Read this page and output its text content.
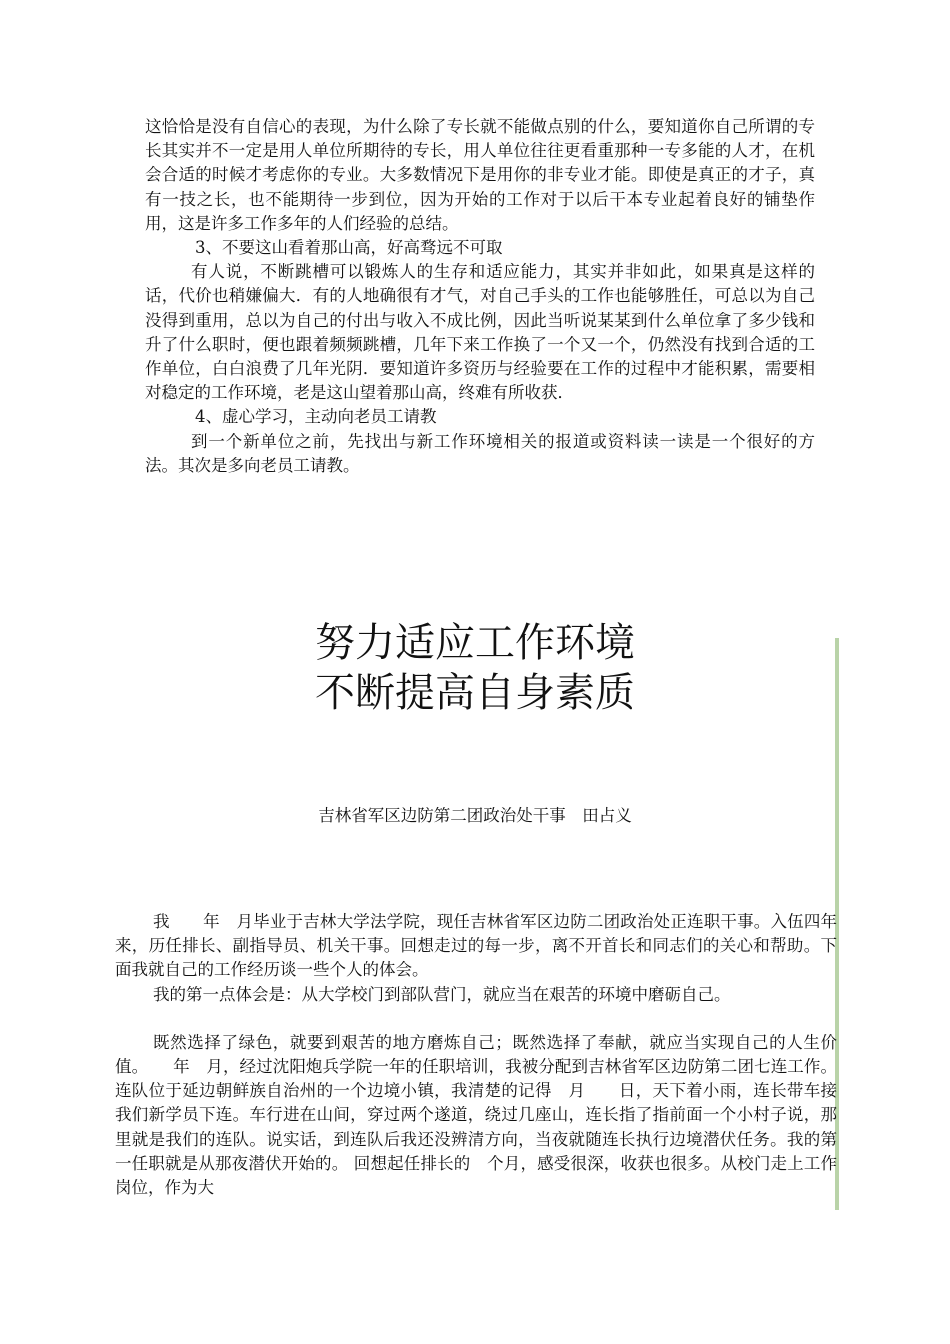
这恰恰是没有自信心的表现，为什么除了专长就不能做点别的什么，要知道你自己所谓的专长其实并不一定是用人单位所期待的专长，用人单位往往更看重那种一专多能的人才，在机会合适的时候才考虑你的专业。大多数情况下是用你的非专业才能。即使是真正的才子，真有一技之长，也不能期待一步到位，因为开始的工作对于以后干本专业起着良好的铺垫作用，这是许多工作多年的人们经验的总结。

3、不要这山看着那山高，好高骛远不可取

有人说，不断跳槽可以锻炼人的生存和适应能力，其实并非如此，如果真是这样的话，代价也稍嫌偏大．有的人地确很有才气，对自己手头的工作也能够胜任，可总以为自己没得到重用，总以为自己的付出与收入不成比例，因此当听说某某到什么单位拿了多少钱和升了什么职时，便也跟着频频跳槽，几年下来工作换了一个又一个，仍然没有找到合适的工作单位，白白浪费了几年光阴．要知道许多资历与经验要在工作的过程中才能积累，需要相对稳定的工作环境，老是这山望着那山高，终难有所收获．

4、虚心学习，主动向老员工请教

到一个新单位之前，先找出与新工作环境相关的报道或资料读一读是一个很好的方法。其次是多向老员工请教。

努力适应工作环境
不断提高自身素质
吉林省军区边防第二团政治处干事　田占义

我　　年　月毕业于吉林大学法学院，现任吉林省军区边防二团政治处正连职干事。入伍四年来，历任排长、副指导员、机关干事。回想走过的每一步，离不开首长和同志们的关心和帮助。下面我就自己的工作经历谈一些个人的体会。

我的第一点体会是：从大学校门到部队营门，就应当在艰苦的环境中磨砺自己。

既然选择了绿色，就要到艰苦的地方磨炼自己；既然选择了奉献，就应当实现自己的人生价值。　　年　月，经过沈阳炮兵学院一年的任职培训，我被分配到吉林省军区边防第二团七连工作。连队位于延边朝鲜族自治州的一个边境小镇，我清楚的记得　月　　日，天下着小雨，连长带车接我们新学员下连。车行进在山间，穿过两个遂道，绕过几座山，连长指了指前面一个小村子说，那里就是我们的连队。说实话，到连队后我还没辨清方向，当夜就随连长执行边境潜伏任务。我的第一任职就是从那夜潜伏开始的。 回想起任排长的　个月，感受很深，收获也很多。从校门走上工作岗位，作为大
